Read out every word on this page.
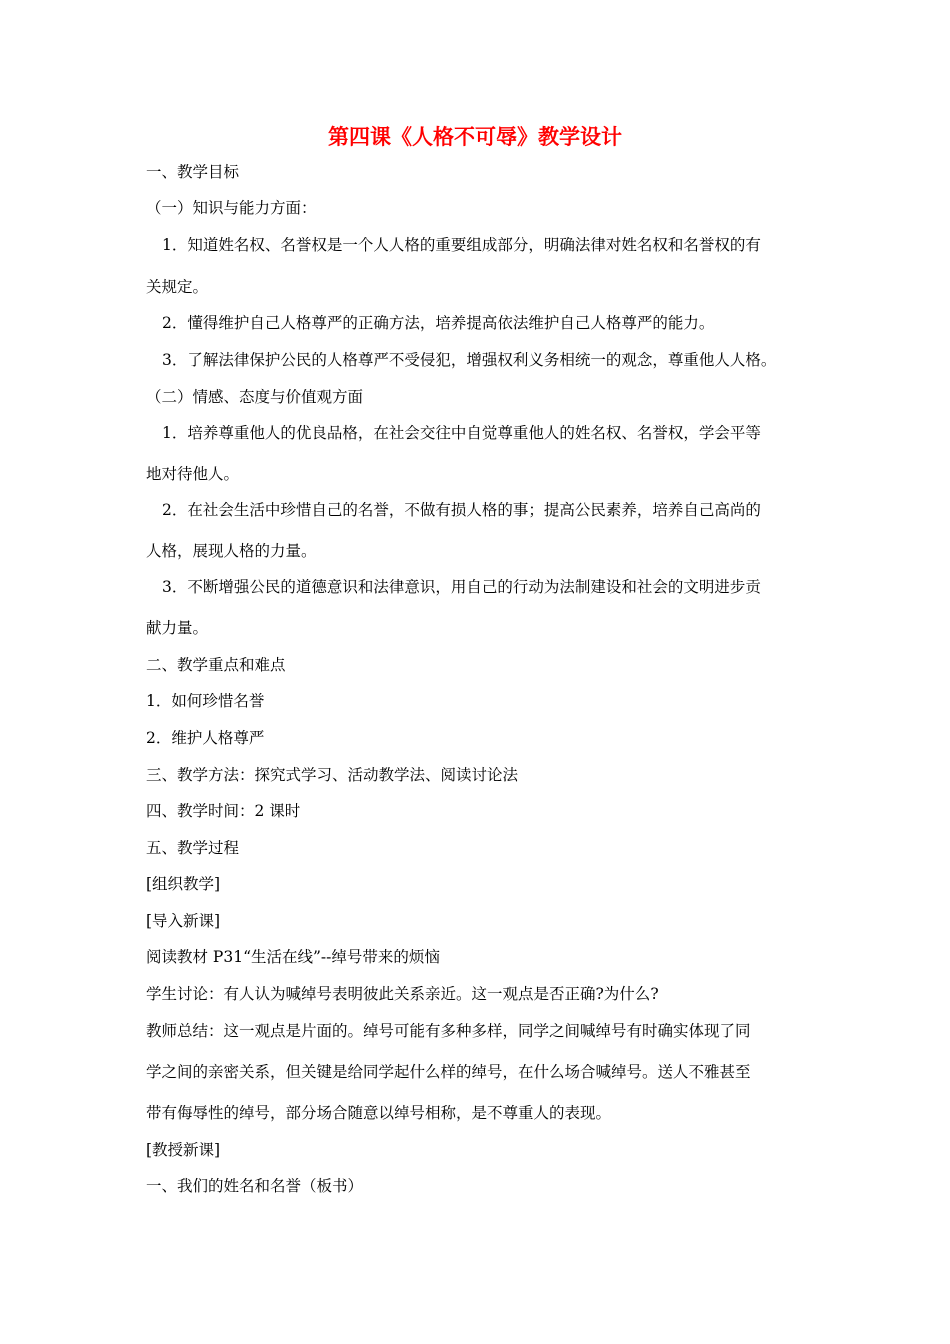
第四课《人格不可辱》教学设计
一、教学目标
（一）知识与能力方面：
1．知道姓名权、名誉权是一个人人格的重要组成部分，明确法律对姓名权和名誉权的有
关规定。
2．懂得维护自己人格尊严的正确方法，培养提高依法维护自己人格尊严的能力。
3．了解法律保护公民的人格尊严不受侵犯，增强权利义务相统一的观念，尊重他人人格。
（二）情感、态度与价值观方面
1．培养尊重他人的优良品格，在社会交往中自觉尊重他人的姓名权、名誉权，学会平等
地对待他人。
2．在社会生活中珍惜自己的名誉，不做有损人格的事；提高公民素养，培养自己高尚的
人格，展现人格的力量。
3．不断增强公民的道德意识和法律意识，用自己的行动为法制建设和社会的文明进步贡
献力量。
二、教学重点和难点
1．如何珍惜名誉
2．维护人格尊严
三、教学方法：探究式学习、活动教学法、阅读讨论法
四、教学时间：2 课时
五、教学过程
[组织教学]
[导入新课]
阅读教材 P31“生活在线”--绰号带来的烦恼
学生讨论：有人认为喊绰号表明彼此关系亲近。这一观点是否正确?为什么?
教师总结：这一观点是片面的。绰号可能有多种多样，同学之间喊绰号有时确实体现了同
学之间的亲密关系，但关键是给同学起什么样的绰号，在什么场合喊绰号。送人不雅甚至
带有侮辱性的绰号，部分场合随意以绰号相称，是不尊重人的表现。
[教授新课]
一、我们的姓名和名誉（板书）
